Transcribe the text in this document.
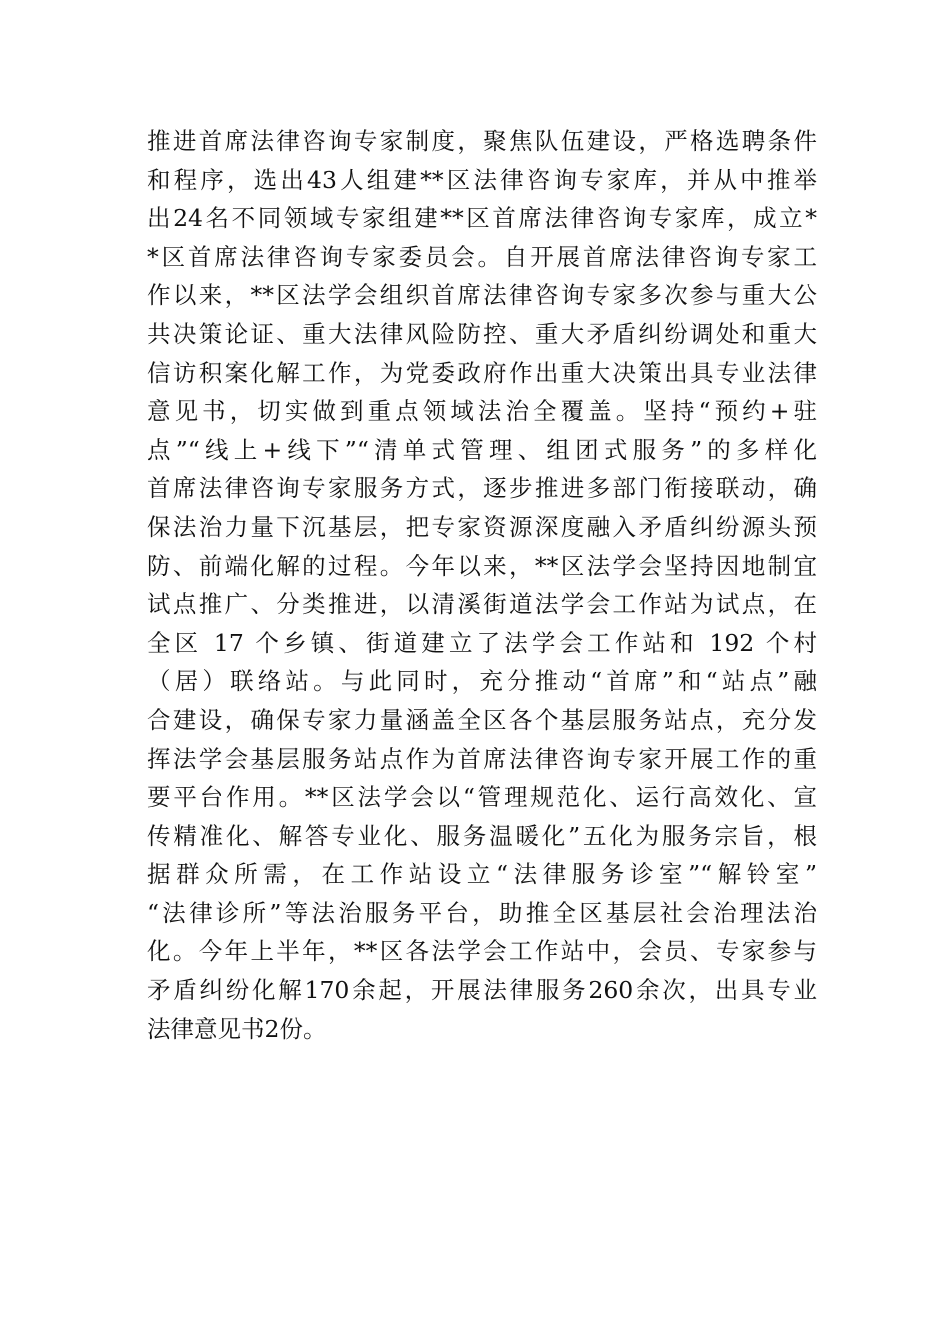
推进首席法律咨询专家制度，聚焦队伍建设，严格选聘条件
和程序，选出43人组建**区法律咨询专家库，并从中推举
出24名不同领域专家组建**区首席法律咨询专家库，成立*
*区首席法律咨询专家委员会。自开展首席法律咨询专家工
作以来，**区法学会组织首席法律咨询专家多次参与重大公
共决策论证、重大法律风险防控、重大矛盾纠纷调处和重大
信访积案化解工作，为党委政府作出重大决策出具专业法律
意见书，切实做到重点领域法治全覆盖。坚持“预约+驻
点”“线上+线下”“清单式管理、组团式服务”的多样化
首席法律咨询专家服务方式，逐步推进多部门衔接联动，确
保法治力量下沉基层，把专家资源深度融入矛盾纠纷源头预
防、前端化解的过程。今年以来，**区法学会坚持因地制宜
试点推广、分类推进，以清溪街道法学会工作站为试点，在
全区 17 个乡镇、街道建立了法学会工作站和 192 个村
（居）联络站。与此同时，充分推动“首席”和“站点”融
合建设，确保专家力量涵盖全区各个基层服务站点，充分发
挥法学会基层服务站点作为首席法律咨询专家开展工作的重
要平台作用。**区法学会以“管理规范化、运行高效化、宣
传精准化、解答专业化、服务温暖化”五化为服务宗旨，根
据群众所需，在工作站设立“法律服务诊室”“解铃室”
“法律诊所”等法治服务平台，助推全区基层社会治理法治
化。今年上半年，**区各法学会工作站中，会员、专家参与
矛盾纠纷化解170余起，开展法律服务260余次，出具专业
法律意见书2份。
